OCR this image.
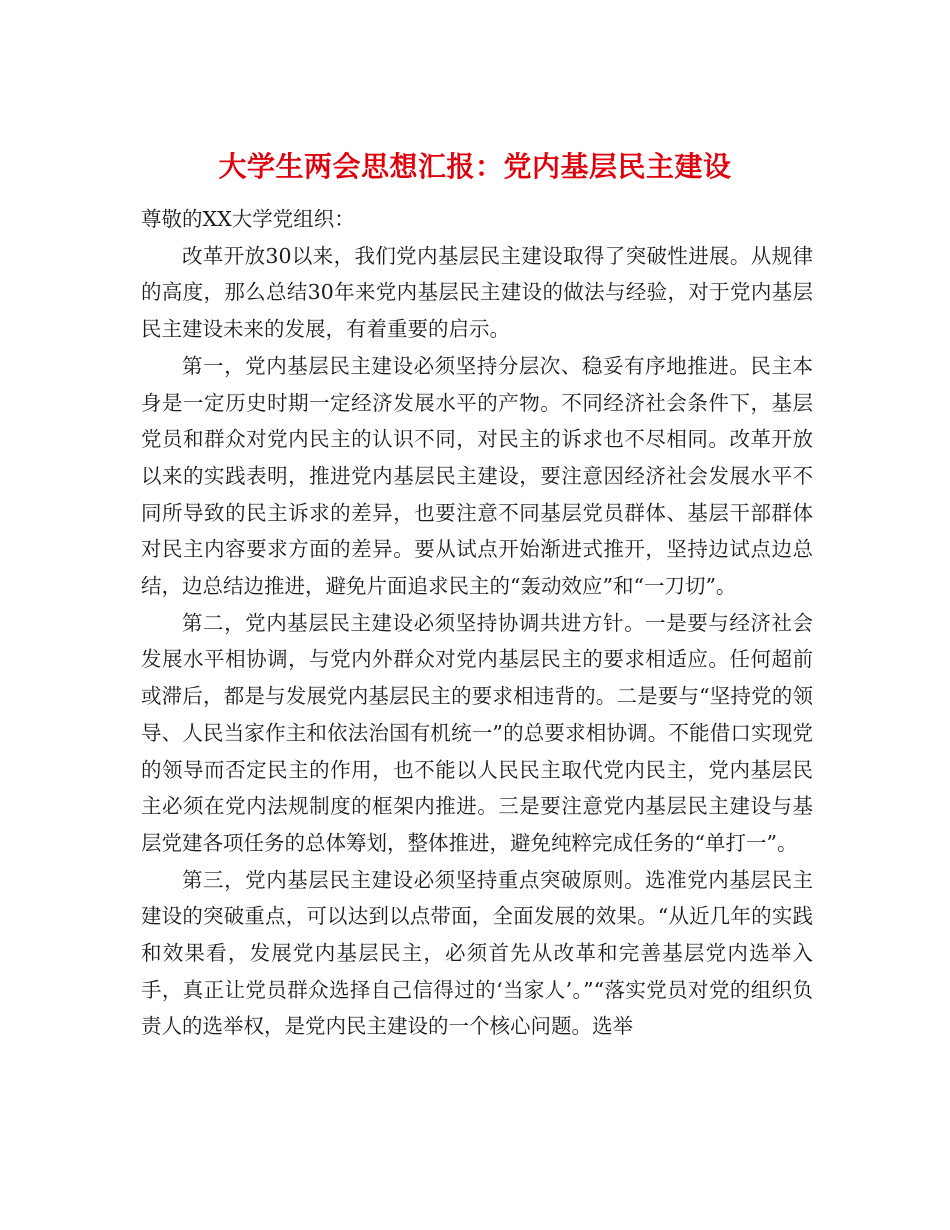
大学生两会思想汇报：党内基层民主建设

尊敬的XX大学党组织：

改革开放30以来，我们党内基层民主建设取得了突破性进展。从规律的高度，那么总结30年来党内基层民主建设的做法与经验，对于党内基层民主建设未来的发展，有着重要的启示。

第一，党内基层民主建设必须坚持分层次、稳妥有序地推进。民主本身是一定历史时期一定经济发展水平的产物。不同经济社会条件下，基层党员和群众对党内民主的认识不同，对民主的诉求也不尽相同。改革开放以来的实践表明，推进党内基层民主建设，要注意因经济社会发展水平不同所导致的民主诉求的差异，也要注意不同基层党员群体、基层干部群体对民主内容要求方面的差异。要从试点开始渐进式推开，坚持边试点边总结，边总结边推进，避免片面追求民主的“轰动效应”和“一刀切”。

第二，党内基层民主建设必须坚持协调共进方针。一是要与经济社会发展水平相协调，与党内外群众对党内基层民主的要求相适应。任何超前或滞后，都是与发展党内基层民主的要求相违背的。二是要与“坚持党的领导、人民当家作主和依法治国有机统一”的总要求相协调。不能借口实现党的领导而否定民主的作用，也不能以人民民主取代党内民主，党内基层民主必须在党内法规制度的框架内推进。三是要注意党内基层民主建设与基层党建各项任务的总体筹划，整体推进，避免纯粹完成任务的“单打一”。

第三，党内基层民主建设必须坚持重点突破原则。选准党内基层民主建设的突破重点，可以达到以点带面，全面发展的效果。“从近几年的实践和效果看，发展党内基层民主，必须首先从改革和完善基层党内选举入手，真正让党员群众选择自己信得过的‘当家人’。”“落实党员对党的组织负责人的选举权，是党内民主建设的一个核心问题。选举
